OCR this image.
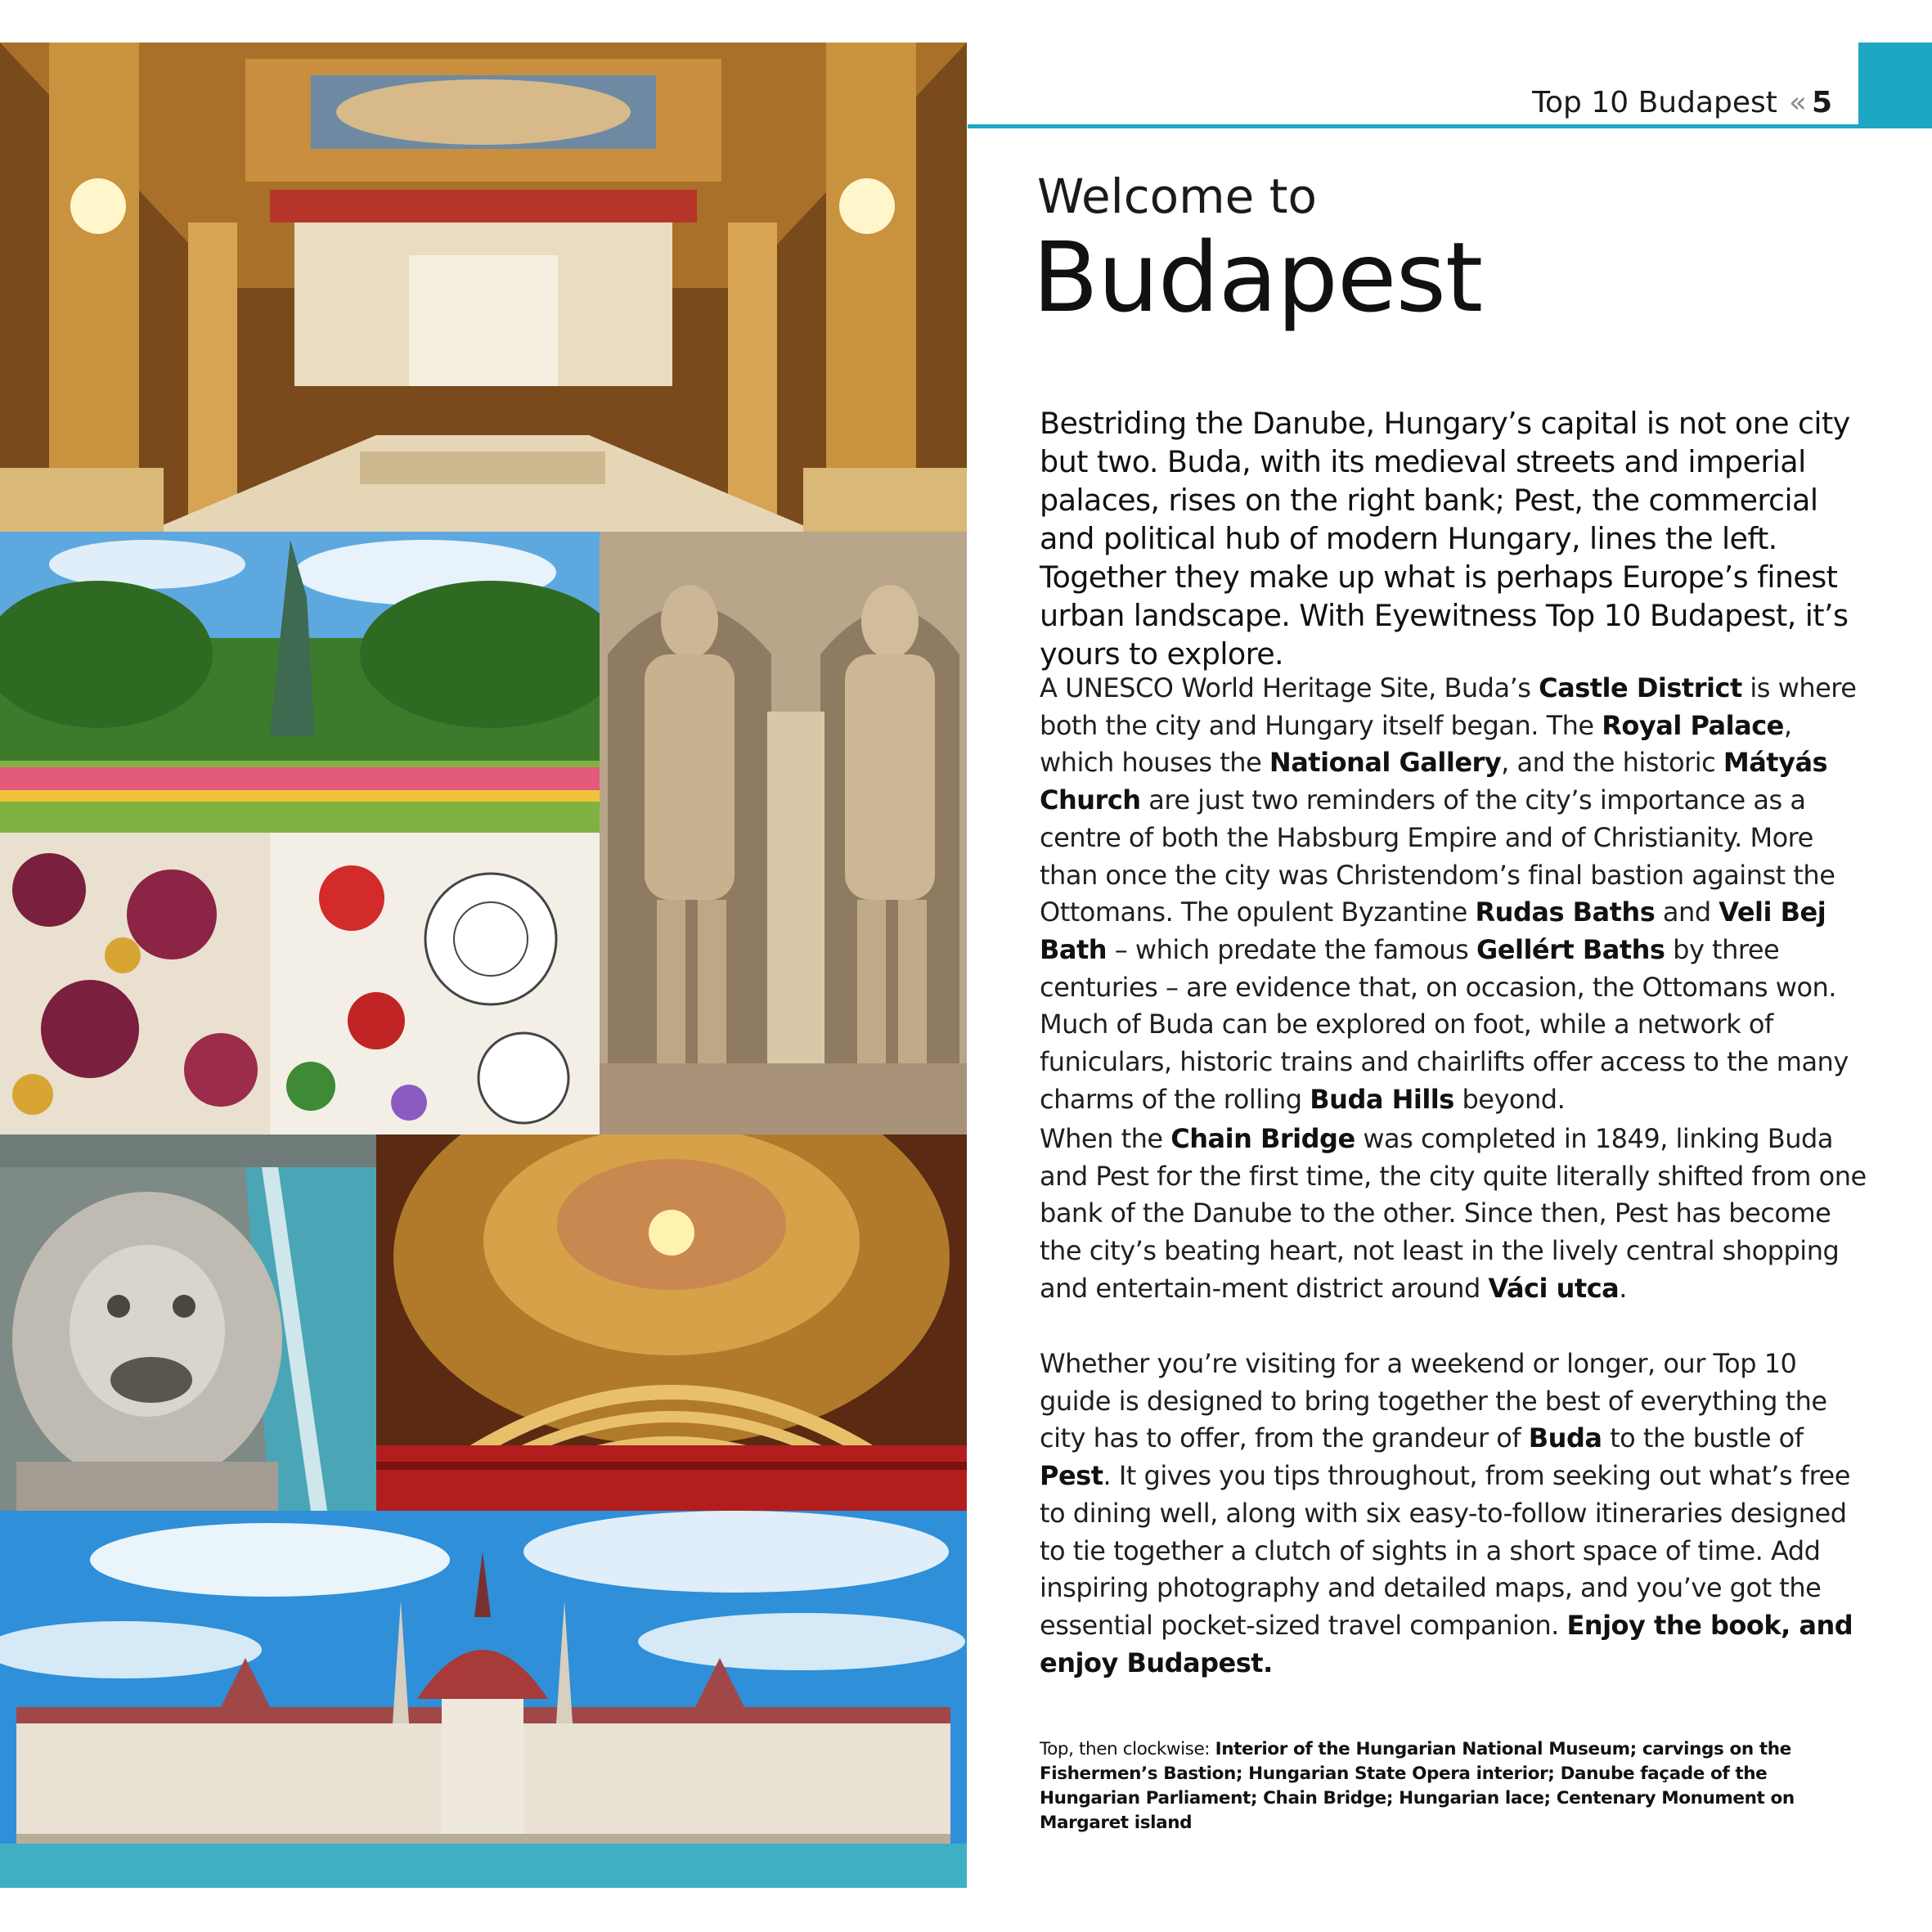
Top 10 Budapest « 5
Welcome to
Budapest
Bestriding the Danube, Hungary’s capital is not one city but two. Buda, with its medieval streets and imperial palaces, rises on the right bank; Pest, the commercial and political hub of modern Hungary, lines the left. Together they make up what is perhaps Europe’s finest urban landscape. With Eyewitness Top 10 Budapest, it’s yours to explore.
A UNESCO World Heritage Site, Buda’s Castle District is where both the city and Hungary itself began. The Royal Palace, which houses the National Gallery, and the historic Mátyás Church are just two reminders of the city’s importance as a centre of both the Habsburg Empire and of Christianity. More than once the city was Christendom’s final bastion against the Ottomans. The opulent Byzantine Rudas Baths and Veli Bej Bath – which predate the famous Gellért Baths by three centuries – are evidence that, on occasion, the Ottomans won. Much of Buda can be explored on foot, while a network of funiculars, historic trains and chairlifts offer access to the many charms of the rolling Buda Hills beyond.
When the Chain Bridge was completed in 1849, linking Buda and Pest for the first time, the city quite literally shifted from one bank of the Danube to the other. Since then, Pest has become the city’s beating heart, not least in the lively central shopping and entertain-ment district around Váci utca.
Whether you’re visiting for a weekend or longer, our Top 10 guide is designed to bring together the best of everything the city has to offer, from the grandeur of Buda to the bustle of Pest. It gives you tips throughout, from seeking out what’s free to dining well, along with six easy-to-follow itineraries designed to tie together a clutch of sights in a short space of time. Add inspiring photography and detailed maps, and you’ve got the essential pocket-sized travel companion. Enjoy the book, and enjoy Budapest.
Top, then clockwise: Interior of the Hungarian National Museum; carvings on the Fishermen’s Bastion; Hungarian State Opera interior; Danube façade of the Hungarian Parliament; Chain Bridge; Hungarian lace; Centenary Monument on Margaret island
